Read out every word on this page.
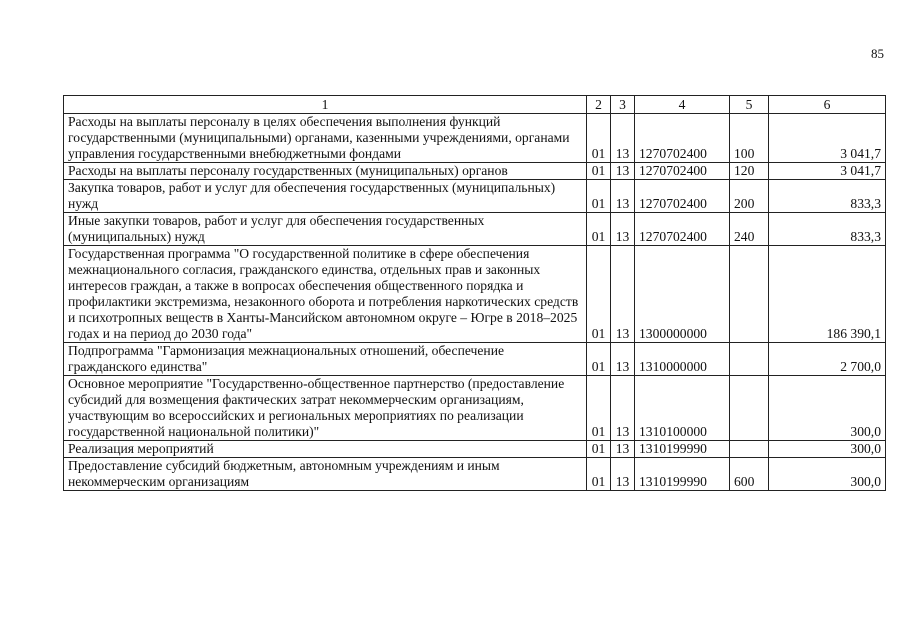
85
1	2	3	4	5	6
Расходы на выплаты персоналу в целях обеспечения выполнения функций государственными (муниципальными) органами, казенными учреждениями, органами управления государственными внебюджетными фондами	01	13	1270702400	100	3 041,7
Расходы на выплаты персоналу государственных (муниципальных) органов	01	13	1270702400	120	3 041,7
Закупка товаров, работ и услуг для обеспечения государственных (муниципальных) нужд	01	13	1270702400	200	833,3
Иные закупки товаров, работ и услуг для обеспечения государственных (муниципальных) нужд	01	13	1270702400	240	833,3
Государственная программа "О государственной политике в сфере обеспечения межнационального согласия, гражданского единства, отдельных прав и законных интересов граждан, а также в вопросах обеспечения общественного порядка и профилактики экстремизма, незаконного оборота и потребления наркотических средств и психотропных веществ в Ханты-Мансийском автономном округе – Югре в 2018–2025 годах и на период до 2030 года"	01	13	1300000000		186 390,1
Подпрограмма "Гармонизация межнациональных отношений, обеспечение гражданского единства"	01	13	1310000000		2 700,0
Основное мероприятие "Государственно-общественное партнерство (предоставление субсидий для возмещения фактических затрат некоммерческим организациям, участвующим во всероссийских и региональных мероприятиях по реализации государственной национальной политики)"	01	13	1310100000		300,0
Реализация мероприятий	01	13	1310199990		300,0
Предоставление субсидий бюджетным, автономным учреждениям и иным некоммерческим организациям	01	13	1310199990	600	300,0
